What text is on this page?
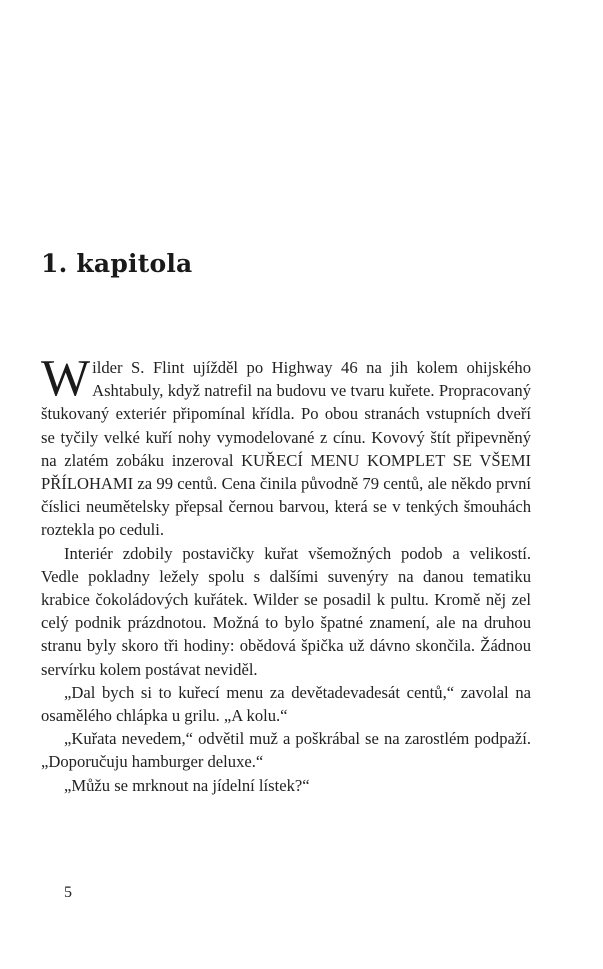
1. kapitola

Wilder S. Flint ujížděl po Highway 46 na jih kolem ohijského Ashtabuly, když natrefil na budovu ve tvaru kuřete. Propracovaný štukovaný exteriér připomínal křídla. Po obou stranách vstupních dveří se tyčily velké kuří nohy vymodelované z cínu. Kovový štít připevněný na zlatém zobáku inzeroval KUŘECÍ MENU KOMPLET SE VŠEMI PŘÍLOHAMI za 99 centů. Cena činila původně 79 centů, ale někdo první číslici neumětelsky přepsal černou barvou, která se v tenkých šmouhách roztekla po ceduli.

Interiér zdobily postavičky kuřat všemožných podob a velikostí. Vedle pokladny ležely spolu s dalšími suvenýry na danou tematiku krabice čokoládových kuřátek. Wilder se posadil k pultu. Kromě něj zel celý podnik prázdnotou. Možná to bylo špatné znamení, ale na druhou stranu byly skoro tři hodiny: obědová špička už dávno skončila. Žádnou servírku kolem postávat neviděl.

„Dal bych si to kuřecí menu za devětadevadesát centů,“ zavolal na osamělého chlápka u grilu. „A kolu.“

„Kuřata nevedem,“ odvětil muž a poškrábal se na zarostlém podpaží. „Doporučuju hamburger deluxe.“

„Můžu se mrknout na jídelní lístek?“

5
